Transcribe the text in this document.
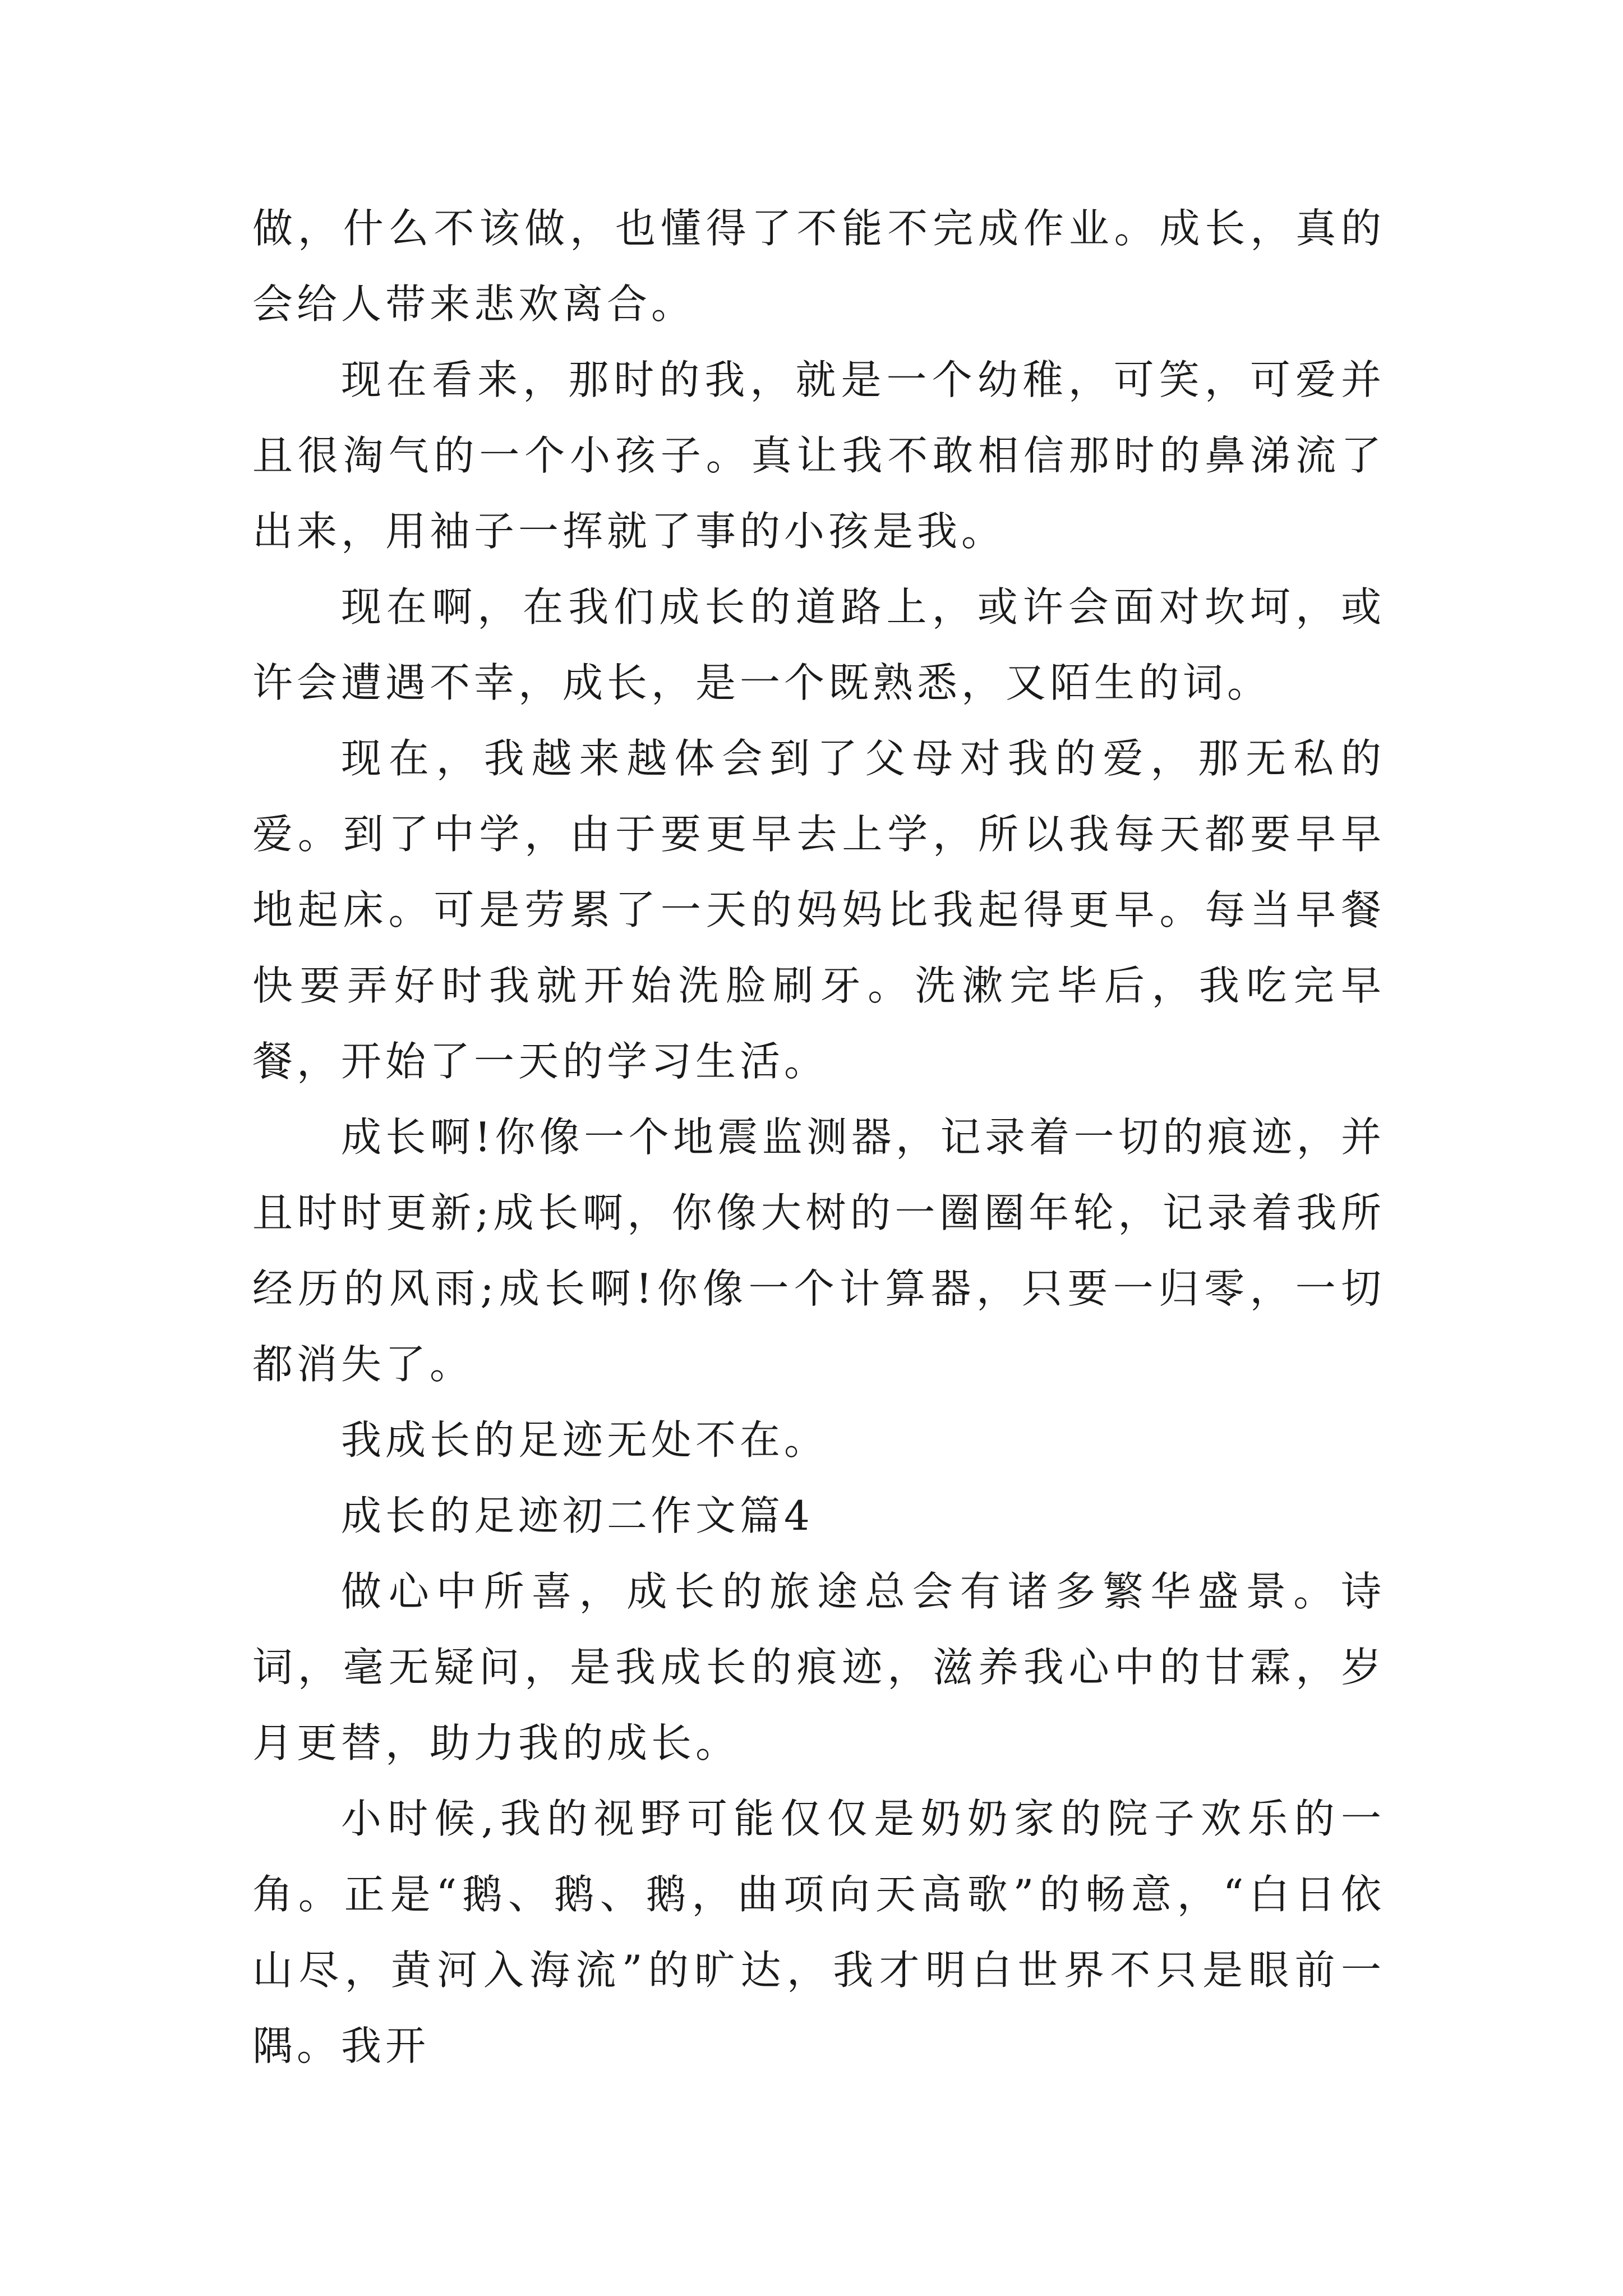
做，什么不该做，也懂得了不能不完成作业。成长，真的会给人带来悲欢离合。

现在看来，那时的我，就是一个幼稚，可笑，可爱并且很淘气的一个小孩子。真让我不敢相信那时的鼻涕流了出来，用袖子一挥就了事的小孩是我。

现在啊，在我们成长的道路上，或许会面对坎坷，或许会遭遇不幸，成长，是一个既熟悉，又陌生的词。

现在，我越来越体会到了父母对我的爱，那无私的爱。到了中学，由于要更早去上学，所以我每天都要早早地起床。可是劳累了一天的妈妈比我起得更早。每当早餐快要弄好时我就开始洗脸刷牙。洗漱完毕后，我吃完早餐，开始了一天的学习生活。

成长啊!你像一个地震监测器，记录着一切的痕迹，并且时时更新;成长啊，你像大树的一圈圈年轮，记录着我所经历的风雨;成长啊!你像一个计算器，只要一归零，一切都消失了。

我成长的足迹无处不在。

成长的足迹初二作文篇4

做心中所喜，成长的旅途总会有诸多繁华盛景。诗词，毫无疑问，是我成长的痕迹，滋养我心中的甘霖，岁月更替，助力我的成长。

小时候,我的视野可能仅仅是奶奶家的院子欢乐的一角。正是“鹅、鹅、鹅，曲项向天高歌”的畅意，“白日依山尽，黄河入海流”的旷达，我才明白世界不只是眼前一隅。我开
